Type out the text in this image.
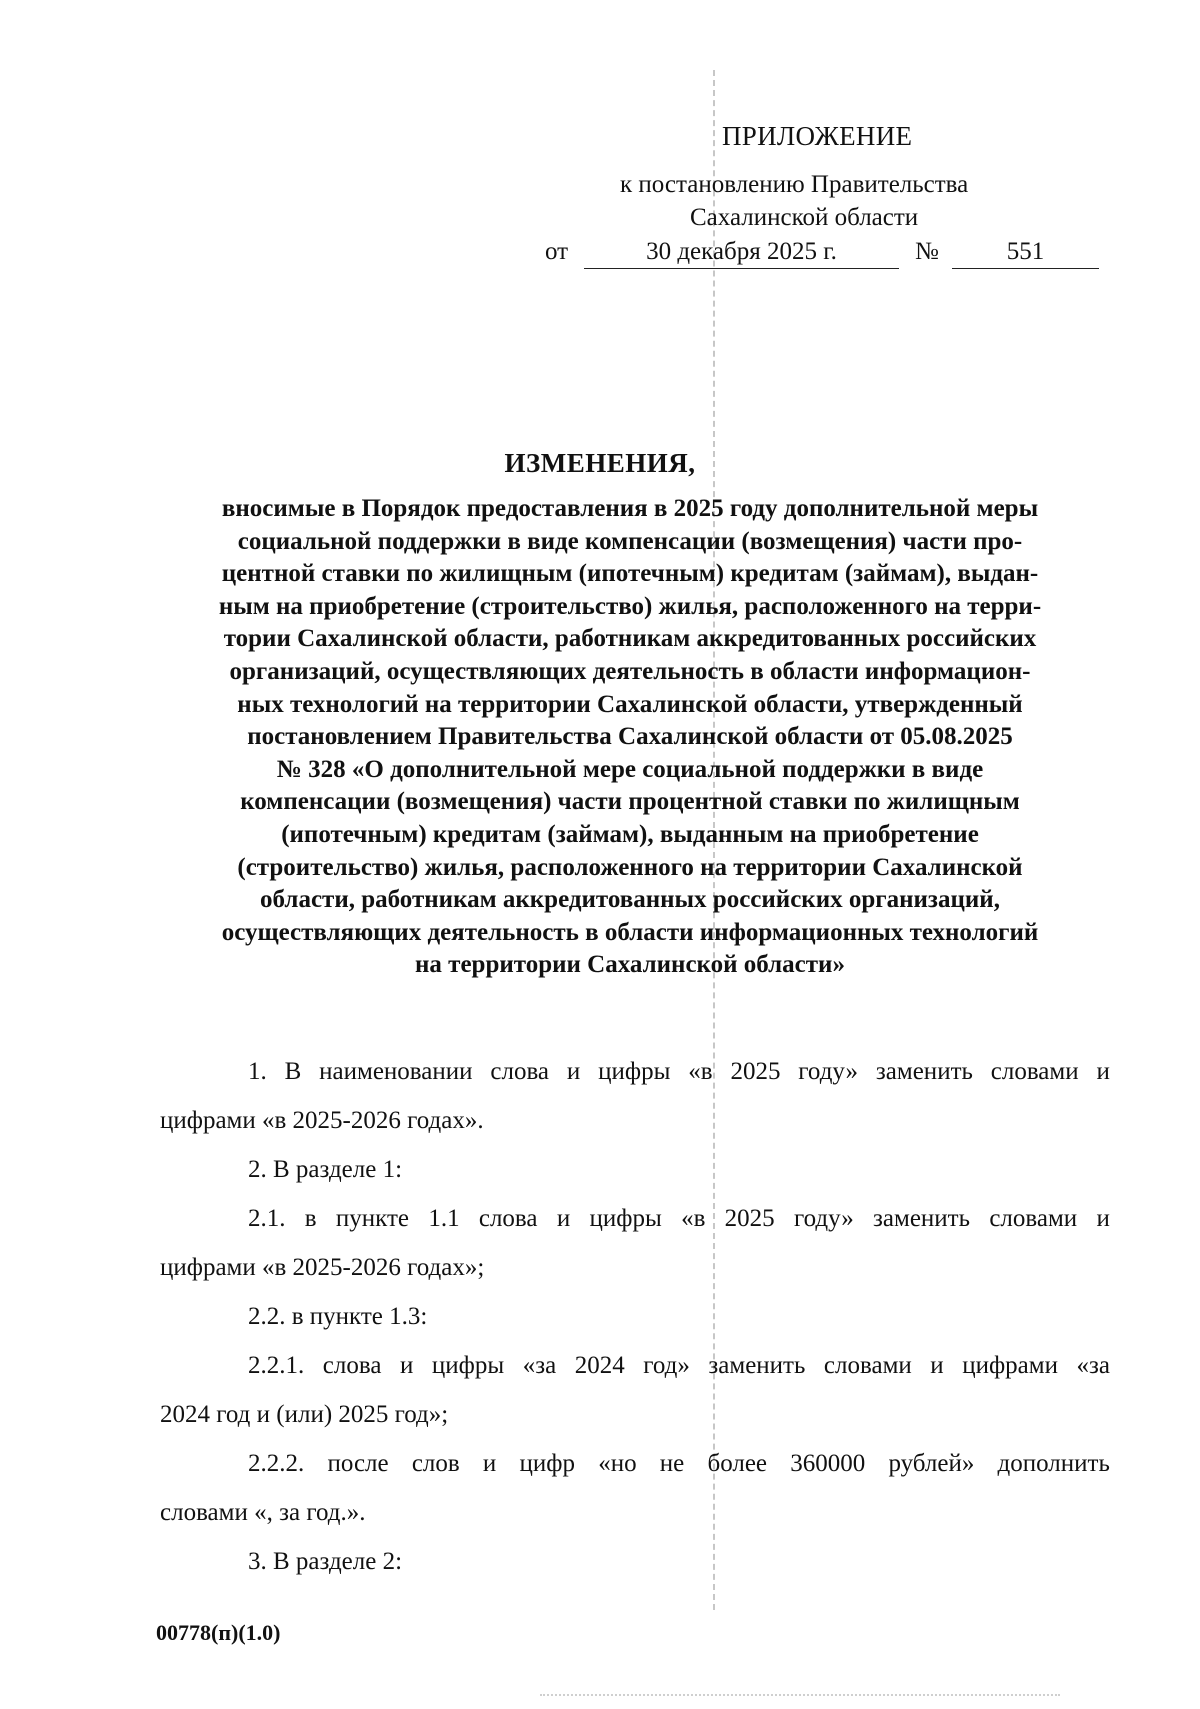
ПРИЛОЖЕНИЕ
к постановлению Правительства
Сахалинской области
от	30 декабря 2025 г.	№	551
ИЗМЕНЕНИЯ,
вносимые в Порядок предоставления в 2025 году дополнительной меры
социальной поддержки в виде компенсации (возмещения) части про-
центной ставки по жилищным (ипотечным) кредитам (займам), выдан-
ным на приобретение (строительство) жилья, расположенного на терри-
тории Сахалинской области, работникам аккредитованных российских
организаций, осуществляющих деятельность в области информацион-
ных технологий на территории Сахалинской области, утвержденный
постановлением Правительства Сахалинской области от 05.08.2025
№ 328 «О дополнительной мере социальной поддержки в виде
компенсации (возмещения) части процентной ставки по жилищным
(ипотечным) кредитам (займам), выданным на приобретение
(строительство) жилья, расположенного на территории Сахалинской
области, работникам аккредитованных российских организаций,
осуществляющих деятельность в области информационных технологий
на территории Сахалинской области»
1. В наименовании слова и цифры «в 2025 году» заменить словами и
цифрами «в 2025-2026 годах».
2. В разделе 1:
2.1. в пункте 1.1 слова и цифры «в 2025 году» заменить словами и
цифрами «в 2025-2026 годах»;
2.2. в пункте 1.3:
2.2.1. слова и цифры «за 2024 год» заменить словами и цифрами «за
2024 год и (или) 2025 год»;
2.2.2. после слов и цифр «но не более 360000 рублей» дополнить
словами «, за год.».
3. В разделе 2:
00778(п)(1.0)
